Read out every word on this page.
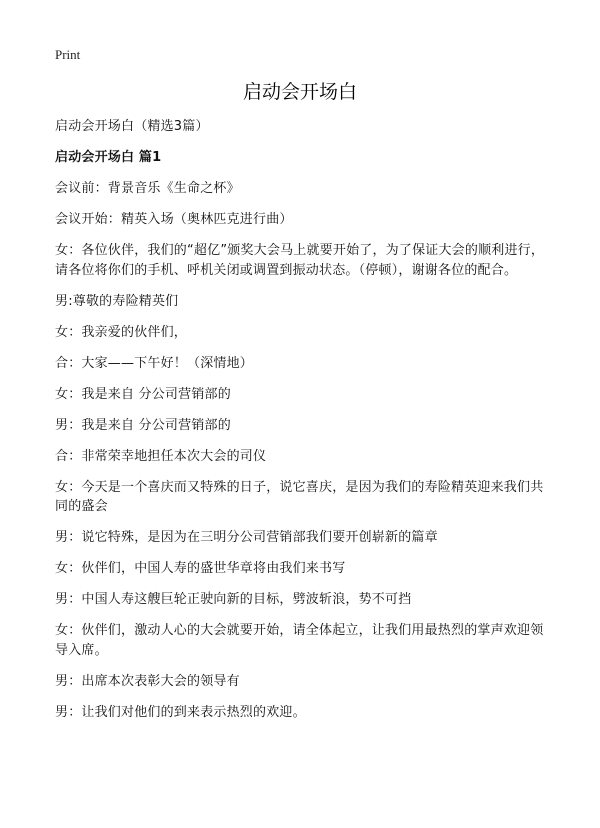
Print
启动会开场白

启动会开场白（精选3篇）

启动会开场白 篇1

会议前：背景音乐《生命之杯》

会议开始：精英入场（奥林匹克进行曲）

女：各位伙伴，我们的“超亿”颁奖大会马上就要开始了，为了保证大会的顺利进行，请各位将你们的手机、呼机关闭或调置到振动状态。（停顿），谢谢各位的配合。

男:尊敬的寿险精英们

女：我亲爱的伙伴们，

合：大家——下午好！（深情地）

女：我是来自 分公司营销部的

男：我是来自 分公司营销部的

合：非常荣幸地担任本次大会的司仪

女：今天是一个喜庆而又特殊的日子，说它喜庆，是因为我们的寿险精英迎来我们共同的盛会

男：说它特殊，是因为在三明分公司营销部我们要开创崭新的篇章

女：伙伴们，中国人寿的盛世华章将由我们来书写

男：中国人寿这艘巨轮正驶向新的目标，劈波斩浪，势不可挡

女：伙伴们，激动人心的大会就要开始，请全体起立，让我们用最热烈的掌声欢迎领导入席。

男：出席本次表彰大会的领导有

男：让我们对他们的到来表示热烈的欢迎。
